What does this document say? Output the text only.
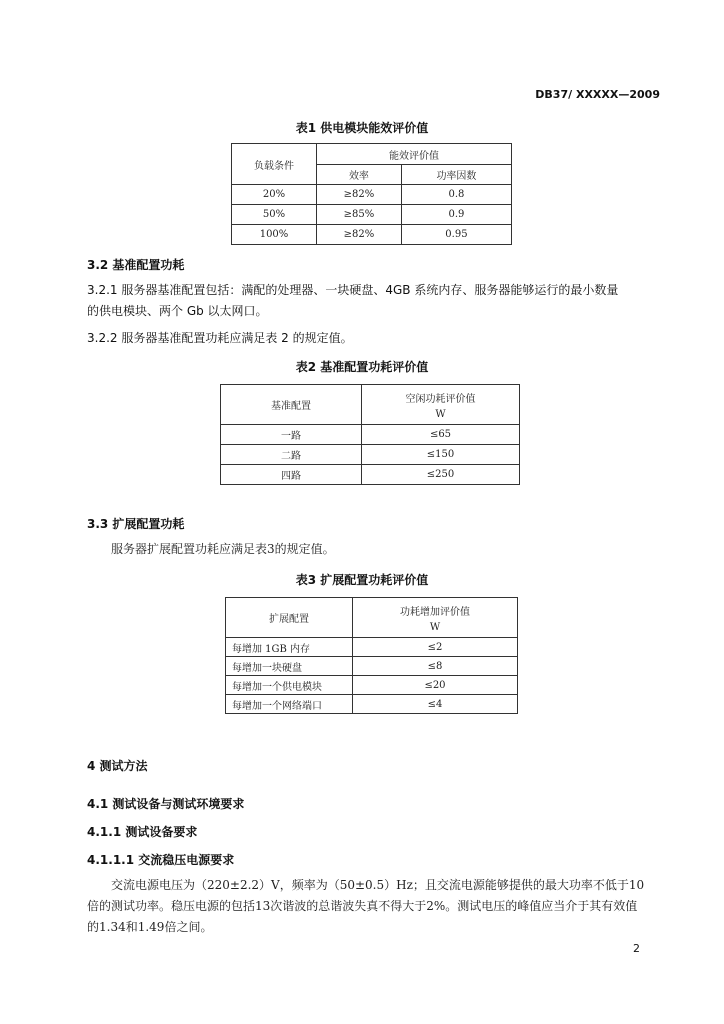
DB37/ XXXXX—2009
表1 供电模块能效评价值
负载条件	能效评价值	
	效率	功率因数
20%	≥82%	0.8
50%	≥85%	0.9
100%	≥82%	0.95
3.2 基准配置功耗
3.2.1 服务器基准配置包括：满配的处理器、一块硬盘、4GB 系统内存、服务器能够运行的最小数量
的供电模块、两个 Gb 以太网口。
3.2.2 服务器基准配置功耗应满足表 2 的规定值。
表2 基准配置功耗评价值
基准配置	空闲功耗评价值
W

一路	≤65
二路	≤150
四路	≤250
3.3 扩展配置功耗
服务器扩展配置功耗应满足表3的规定值。
表3 扩展配置功耗评价值
扩展配置	功耗增加评价值
W

每增加 1GB 内存	≤2
每增加一块硬盘	≤8
每增加一个供电模块	≤20
每增加一个网络端口	≤4
4 测试方法
4.1 测试设备与测试环境要求
4.1.1 测试设备要求
4.1.1.1 交流稳压电源要求
交流电源电压为（220±2.2）V，频率为（50±0.5）Hz；且交流电源能够提供的最大功率不低于10
倍的测试功率。稳压电源的包括13次谐波的总谐波失真不得大于2%。测试电压的峰值应当介于其有效值
的1.34和1.49倍之间。
2
